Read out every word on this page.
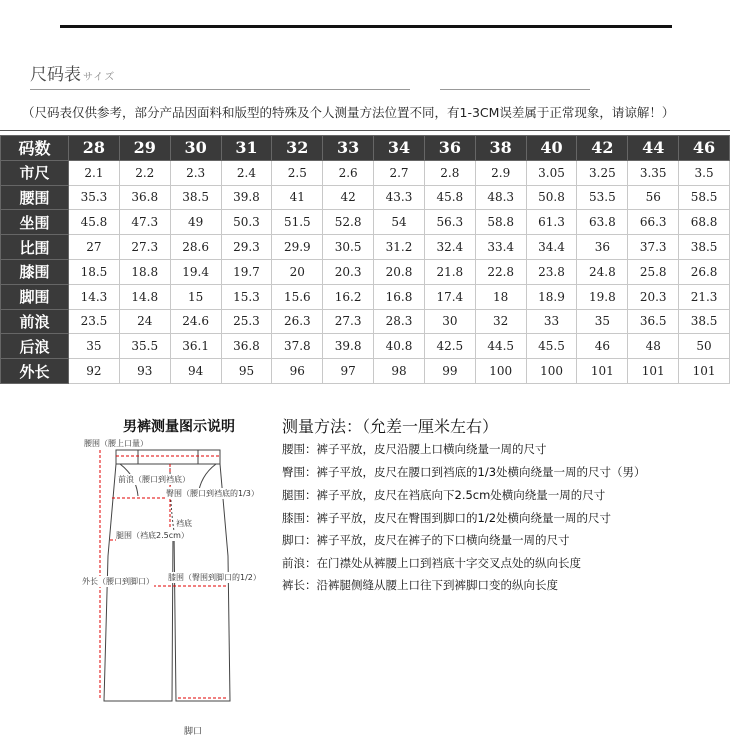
尺码表 サイズ
（尺码表仅供参考，部分产品因面料和版型的特殊及个人测量方法位置不同，有1-3CM误差属于正常现象，请谅解！）
码数	28	29	30	31	32	33	34	36	38	40	42	44	46
市尺	2.1	2.2	2.3	2.4	2.5	2.6	2.7	2.8	2.9	3.05	3.25	3.35	3.5
腰围	35.3	36.8	38.5	39.8	41	42	43.3	45.8	48.3	50.8	53.5	56	58.5
坐围	45.8	47.3	49	50.3	51.5	52.8	54	56.3	58.8	61.3	63.8	66.3	68.8
比围	27	27.3	28.6	29.3	29.9	30.5	31.2	32.4	33.4	34.4	36	37.3	38.5
膝围	18.5	18.8	19.4	19.7	20	20.3	20.8	21.8	22.8	23.8	24.8	25.8	26.8
脚围	14.3	14.8	15	15.3	15.6	16.2	16.8	17.4	18	18.9	19.8	20.3	21.3
前浪	23.5	24	24.6	25.3	26.3	27.3	28.3	30	32	33	35	36.5	38.5
后浪	35	35.5	36.1	36.8	37.8	39.8	40.8	42.5	44.5	45.5	46	48	50
外长	92	93	94	95	96	97	98	99	100	100	101	101	101
男裤测量图示说明
腰围（腰上口量）
前浪（腰口到裆底）
臀围（腰口到裆底的1/3）
裆底
腿围（裆底2.5cm）
外长（腰口到脚口） 膝围（臀围到脚口的1/2）
脚口
测量方法：（允差一厘米左右）
腰围：裤子平放，皮尺沿腰上口横向绕量一周的尺寸
臀围：裤子平放，皮尺在腰口到裆底的1/3处横向绕量一周的尺寸（男）
腿围：裤子平放，皮尺在裆底向下2.5cm处横向绕量一周的尺寸
膝围：裤子平放，皮尺在臀围到脚口的1/2处横向绕量一周的尺寸
脚口：裤子平放，皮尺在裤子的下口横向绕量一周的尺寸
前浪：在门襟处从裤腰上口到裆底十字交叉点处的纵向长度
裤长：沿裤腿侧缝从腰上口往下到裤脚口变的纵向长度
